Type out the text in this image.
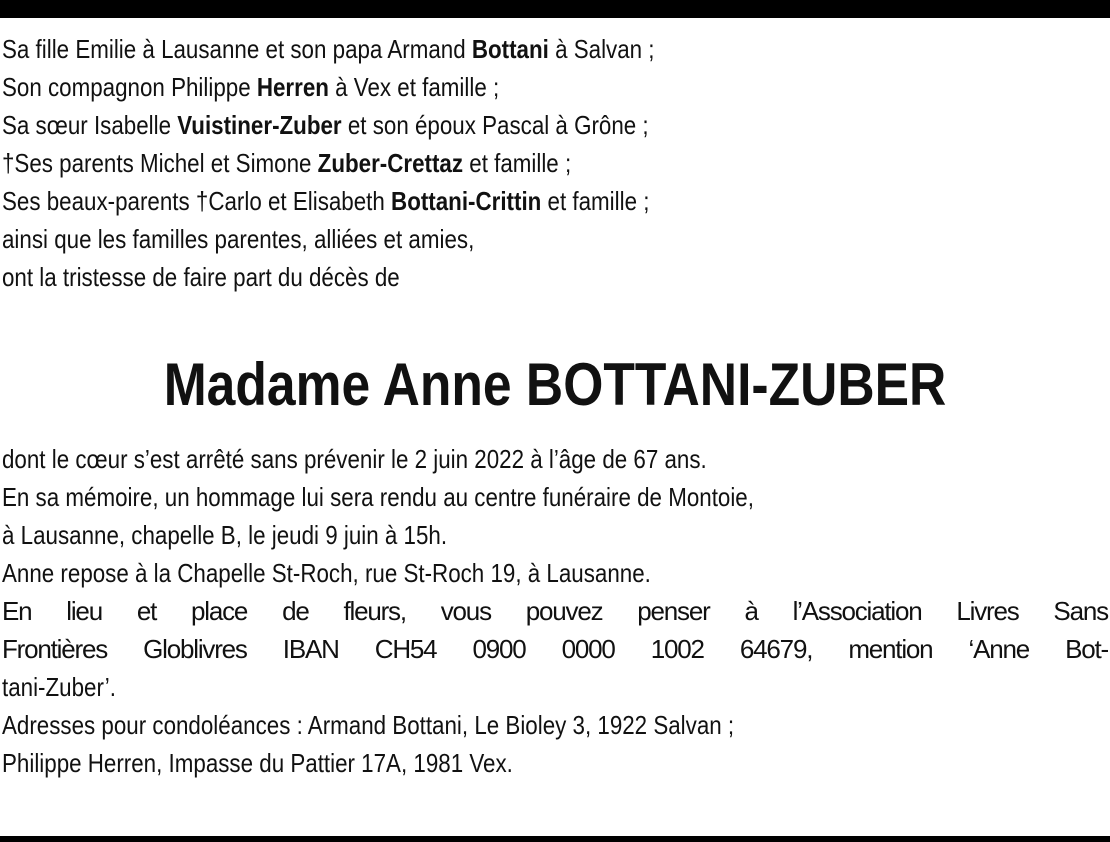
Sa fille Emilie à Lausanne et son papa Armand Bottani à Salvan ;
Son compagnon Philippe Herren à Vex et famille ;
Sa sœur Isabelle Vuistiner-Zuber et son époux Pascal à Grône ;
†Ses parents Michel et Simone Zuber-Crettaz et famille ;
Ses beaux-parents †Carlo et Elisabeth Bottani-Crittin et famille ;
ainsi que les familles parentes, alliées et amies,
ont la tristesse de faire part du décès de
Madame Anne BOTTANI-ZUBER
dont le cœur s’est arrêté sans prévenir le 2 juin 2022 à l’âge de 67 ans.
En sa mémoire, un hommage lui sera rendu au centre funéraire de Montoie,
à Lausanne, chapelle B, le jeudi 9 juin à 15h.
Anne repose à la Chapelle St-Roch, rue St-Roch 19, à Lausanne.
En lieu et place de fleurs, vous pouvez penser à l’Association Livres Sans
Frontières Globlivres IBAN CH54 0900 0000 1002 64679, mention ‘Anne Bot-
tani-Zuber’.
Adresses pour condoléances : Armand Bottani, Le Bioley 3, 1922 Salvan ;
Philippe Herren, Impasse du Pattier 17A, 1981 Vex.
